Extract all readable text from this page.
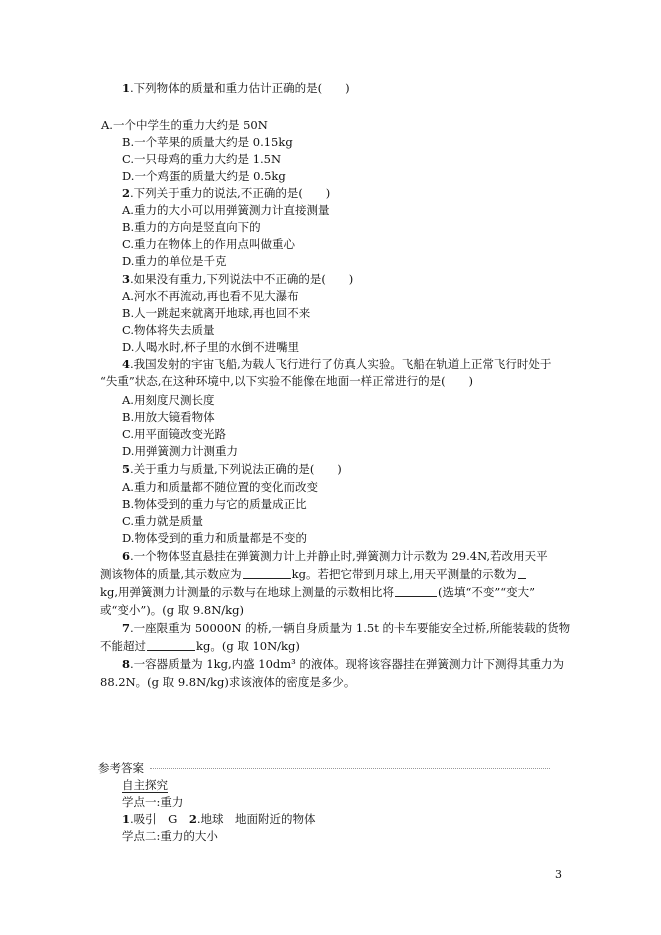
1.下列物体的质量和重力估计正确的是(　　)
A.一个中学生的重力大约是 50N
B.一个苹果的质量大约是 0.15kg
C.一只母鸡的重力大约是 1.5N
D.一个鸡蛋的质量大约是 0.5kg
2.下列关于重力的说法,不正确的是(　　)
A.重力的大小可以用弹簧测力计直接测量
B.重力的方向是竖直向下的
C.重力在物体上的作用点叫做重心
D.重力的单位是千克
3.如果没有重力,下列说法中不正确的是(　　)
A.河水不再流动,再也看不见大瀑布
B.人一跳起来就离开地球,再也回不来
C.物体将失去质量
D.人喝水时,杯子里的水倒不进嘴里
4.我国发射的宇宙飞船,为载人飞行进行了仿真人实验。飞船在轨道上正常飞行时处于
“失重”状态,在这种环境中,以下实验不能像在地面一样正常进行的是(　　)
A.用刻度尺测长度
B.用放大镜看物体
C.用平面镜改变光路
D.用弹簧测力计测重力
5.关于重力与质量,下列说法正确的是(　　)
A.重力和质量都不随位置的变化而改变
B.物体受到的重力与它的质量成正比
C.重力就是质量
D.物体受到的重力和质量都是不变的
6.一个物体竖直悬挂在弹簧测力计上并静止时,弹簧测力计示数为 29.4N,若改用天平
测该物体的质量,其示数应为	kg。若把它带到月球上,用天平测量的示数为
kg,用弹簧测力计测量的示数与在地球上测量的示数相比将	(选填“不变”“变大”
或“变小”)。(g 取 9.8N/kg)
7.一座限重为 50000N 的桥,一辆自身质量为 1.5t 的卡车要能安全过桥,所能装载的货物
不能超过	kg。(g 取 10N/kg)
8.一容器质量为 1kg,内盛 10dm³ 的液体。现将该容器挂在弹簧测力计下测得其重力为
88.2N。(g 取 9.8N/kg)求该液体的密度是多少。
参考答案
自主探究
学点一:重力
1.吸引　G　2.地球　地面附近的物体
学点二:重力的大小
3
